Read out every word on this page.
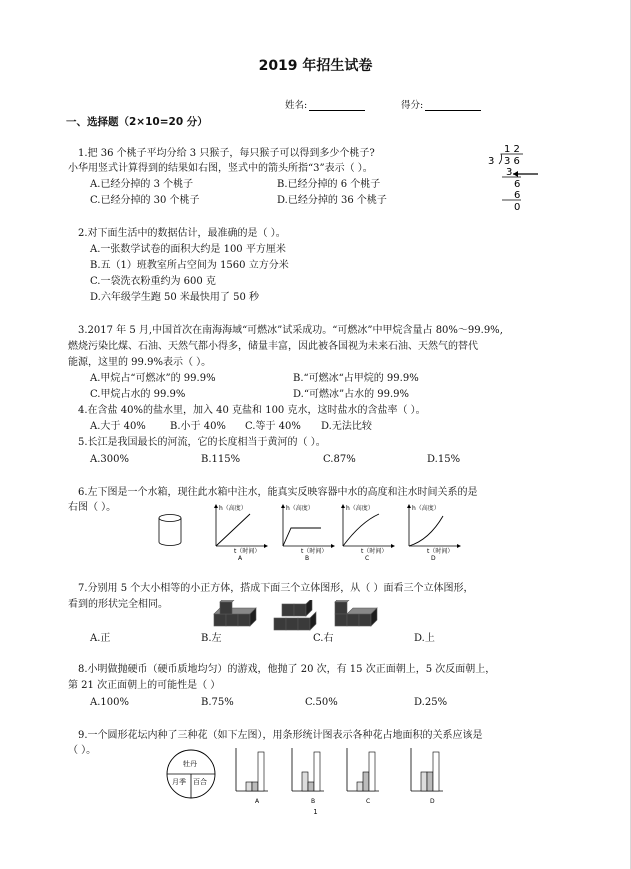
2019 年招生试卷
姓名:	得分:
一、选择题（2×10=20 分）
1.把 36 个桃子平均分给 3 只猴子，每只猴子可以得到多少个桃子?
小华用竖式计算得到的结果如右图，竖式中的箭头所指“3”表示（ ）。
A.已经分掉的 3 个桃子	B.已经分掉的 6 个桃子
C.已经分掉的 30 个桃子	D.已经分掉的 36 个桃子
1 2
3 3 6
3
6
6
0
2.对下面生活中的数据估计，最准确的是（ ）。
A.一张数学试卷的面积大约是 100 平方厘米
B.五（1）班教室所占空间为 1560 立方分米
C.一袋洗衣粉重约为 600 克
D.六年级学生跑 50 米最快用了 50 秒
3.2017 年 5 月,中国首次在南海海域“可燃冰”试采成功。“可燃冰”中甲烷含量占 80%～99.9%,
燃烧污染比煤、石油、天然气都小得多，储量丰富，因此被各国视为未来石油、天然气的替代
能源，这里的 99.9%表示（ ）。
A.甲烷占“可燃冰”的 99.9%	B.“可燃冰“占甲烷的 99.9%
C.甲烷占水的 99.9%	D.“可燃冰”占水的 99.9%
4.在含盐 40%的盐水里，加入 40 克盐和 100 克水，这时盐水的含盐率（ ）。
A.大于 40% B.小于 40% C.等于 40% D.无法比较
5.长江是我国最长的河流，它的长度相当于黄河的（ ）。
A.300%	B.115%	C.87%	D.15%
6.左下图是一个水箱，现往此水箱中注水，能真实反映容器中水的高度和注水时间关系的是
右图（ ）。	h（高度）
t（时间）
A
h（高度）
t（时间）
B
h（高度）
t（时间）
C
h（高度）
t（时间）
D
7.分别用 5 个大小相等的小正方体，搭成下面三个立体图形，从（ ）面看三个立体图形，
看到的形状完全相同。
A.正	B.左	C.右	D.上
8.小明做抛硬币（硬币质地均匀）的游戏，他抛了 20 次，有 15 次正面朝上，5 次反面朝上，
第 21 次正面朝上的可能性是（ ）
A.100%	B.75%	C.50%	D.25%
9.一个圆形花坛内种了三种花（如下左图），用条形统计图表示各种花占地面积的关系应该是
（ ）。
牡丹
月季 百合
A	B	C	D
1
